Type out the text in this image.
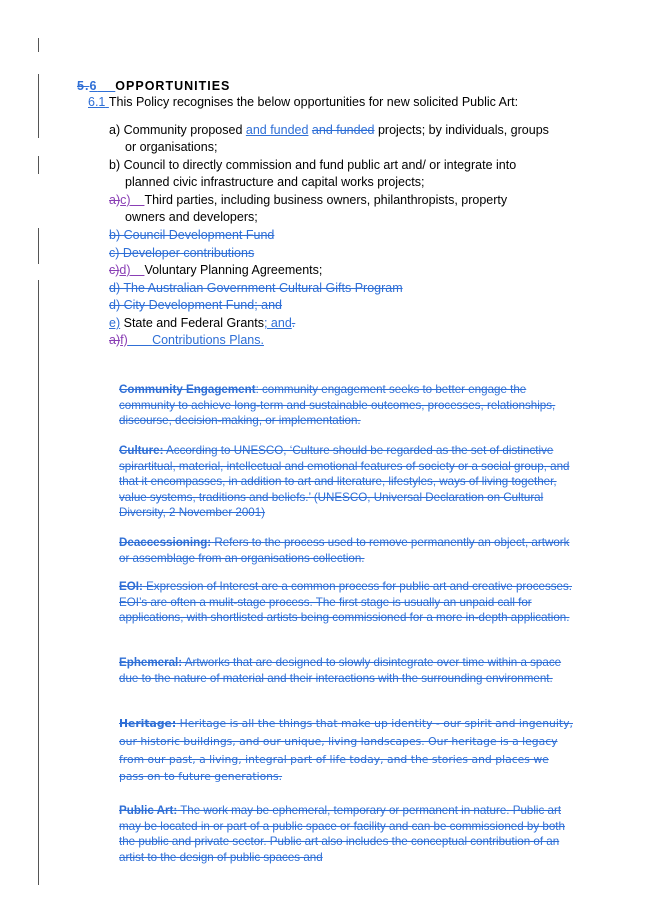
5.6 OPPORTUNITIES
6.1 This Policy recognises the below opportunities for new solicited Public Art:
a) Community proposed and funded and funded projects; by individuals, groups
or organisations;
b) Council to directly commission and fund public art and/ or integrate into
planned civic infrastructure and capital works projects;
a)c) Third parties, including business owners, philanthropists, property
owners and developers;
b) Council Development Fund
c) Developer contributions
c)d) Voluntary Planning Agreements;
d) The Australian Government Cultural Gifts Program
d) City Development Fund; and
e) State and Federal Grants; and.
a)f) Contributions Plans.
Community Engagement: community engagement seeks to better engage the community to achieve long-term and sustainable outcomes, processes, relationships, discourse, decision-making, or implementation.
Culture: According to UNESCO, ‘Culture should be regarded as the set of distinctive spirartitual, material, intellectual and emotional features of society or a social group, and that it encompasses, in addition to art and literature, lifestyles, ways of living together, value systems, traditions and beliefs.’ (UNESCO, Universal Declaration on Cultural Diversity, 2 November 2001)
Deaccessioning: Refers to the process used to remove permanently an object, artwork or assemblage from an organisations collection.
EOI: Expression of Interest are a common process for public art and creative processes. EOI’s are often a mulit-stage process. The first stage is usually an unpaid call for applications, with shortlisted artists being commissioned for a more in-depth application.
Ephemeral: Artworks that are designed to slowly disintegrate over time within a space due to the nature of material and their interactions with the surrounding environment.
Heritage: Heritage is all the things that make up identity - our spirit and ingenuity, our historic buildings, and our unique, living landscapes. Our heritage is a legacy from our past, a living, integral part of life today, and the stories and places we pass on to future generations.
Public Art: The work may be ephemeral, temporary or permanent in nature. Public art may be located in or part of a public space or facility and can be commissioned by both the public and private sector. Public art also includes the conceptual contribution of an artist to the design of public spaces and
